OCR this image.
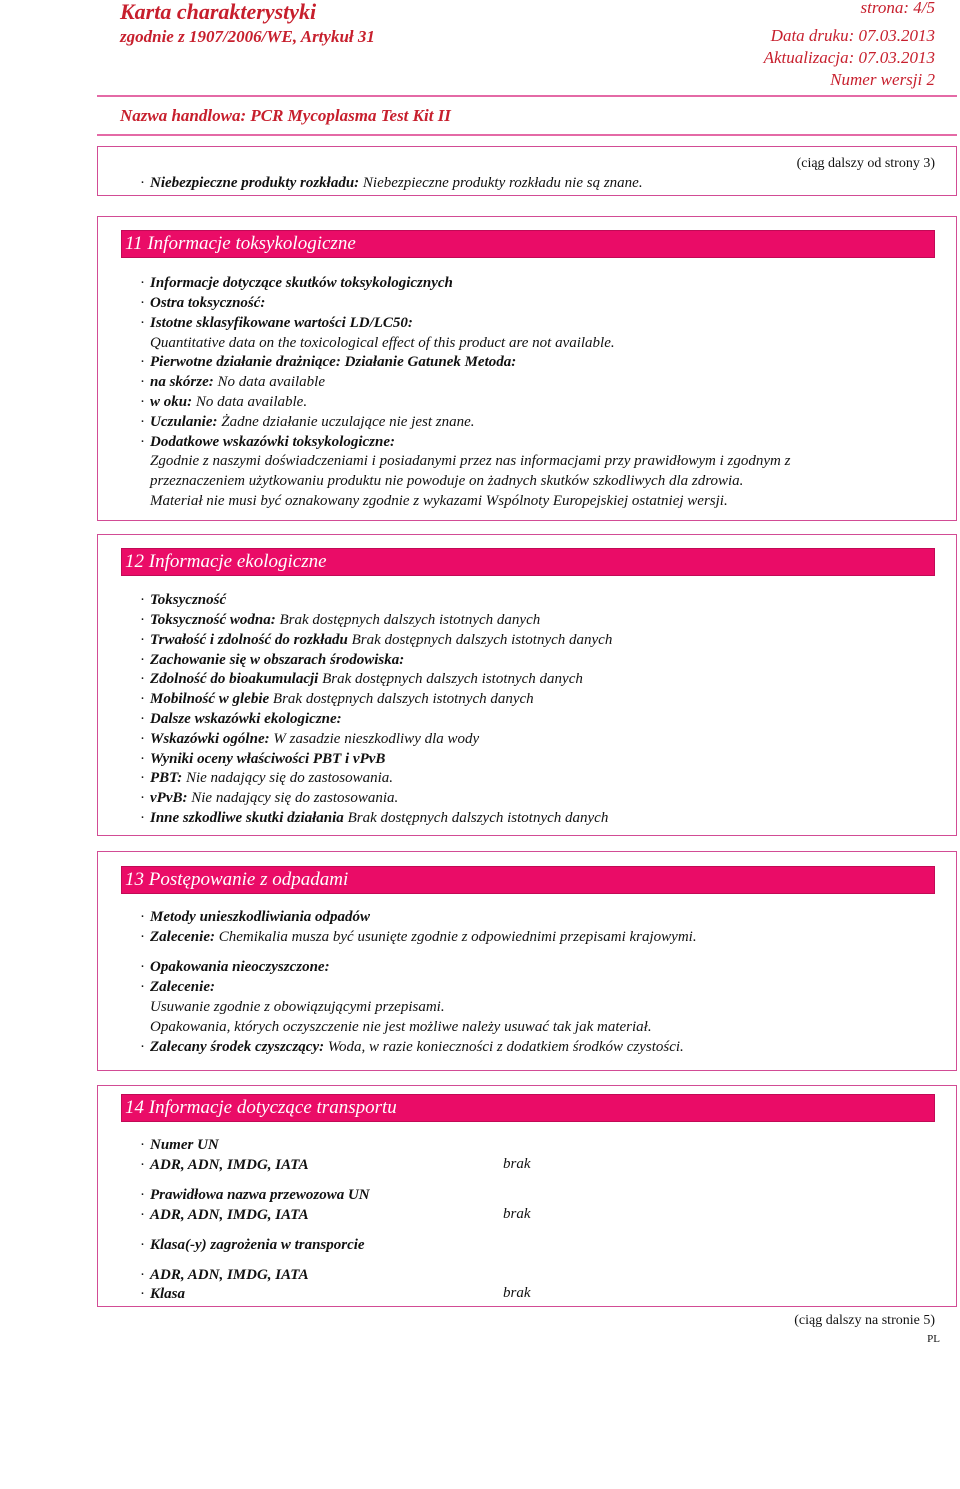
Karta charakterystyki
zgodnie z 1907/2006/WE, Artykuł 31
strona: 4/5
Data druku: 07.03.2013
Aktualizacja: 07.03.2013
Numer wersji 2
Nazwa handlowa: PCR Mycoplasma Test Kit II
(ciąg dalszy od strony 3)
· Niebezpieczne produkty rozkładu: Niebezpieczne produkty rozkładu nie są znane.
11 Informacje toksykologiczne
· Informacje dotyczące skutków toksykologicznych
· Ostra toksyczność:
· Istotne sklasyfikowane wartości LD/LC50:
Quantitative data on the toxicological effect of this product are not available.
· Pierwotne działanie drażniące: Działanie Gatunek Metoda:
· na skórze: No data available
· w oku: No data available.
· Uczulanie: Żadne działanie uczulające nie jest znane.
· Dodatkowe wskazówki toksykologiczne:
Zgodnie z naszymi doświadczeniami i posiadanymi przez nas informacjami przy prawidłowym i zgodnym z
przeznaczeniem użytkowaniu produktu nie powoduje on żadnych skutków szkodliwych dla zdrowia.
Materiał nie musi być oznakowany zgodnie z wykazami Wspólnoty Europejskiej ostatniej wersji.
12 Informacje ekologiczne
· Toksyczność
· Toksyczność wodna: Brak dostępnych dalszych istotnych danych
· Trwałość i zdolność do rozkładu Brak dostępnych dalszych istotnych danych
· Zachowanie się w obszarach środowiska:
· Zdolność do bioakumulacji Brak dostępnych dalszych istotnych danych
· Mobilność w glebie Brak dostępnych dalszych istotnych danych
· Dalsze wskazówki ekologiczne:
· Wskazówki ogólne: W zasadzie nieszkodliwy dla wody
· Wyniki oceny właściwości PBT i vPvB
· PBT: Nie nadający się do zastosowania.
· vPvB: Nie nadający się do zastosowania.
· Inne szkodliwe skutki działania Brak dostępnych dalszych istotnych danych
13 Postępowanie z odpadami
· Metody unieszkodliwiania odpadów
· Zalecenie: Chemikalia musza być usunięte zgodnie z odpowiednimi przepisami krajowymi.
· Opakowania nieoczyszczone:
· Zalecenie:
Usuwanie zgodnie z obowiązującymi przepisami.
Opakowania, których oczyszczenie nie jest możliwe należy usuwać tak jak materiał.
· Zalecany środek czyszczący: Woda, w razie konieczności z dodatkiem środków czystości.
14 Informacje dotyczące transportu
· Numer UN
· ADR, ADN, IMDG, IATA	brak
· Prawidłowa nazwa przewozowa UN
· ADR, ADN, IMDG, IATA	brak
· Klasa(-y) zagrożenia w transporcie
· ADR, ADN, IMDG, IATA
· Klasa	brak
(ciąg dalszy na stronie 5)
PL
